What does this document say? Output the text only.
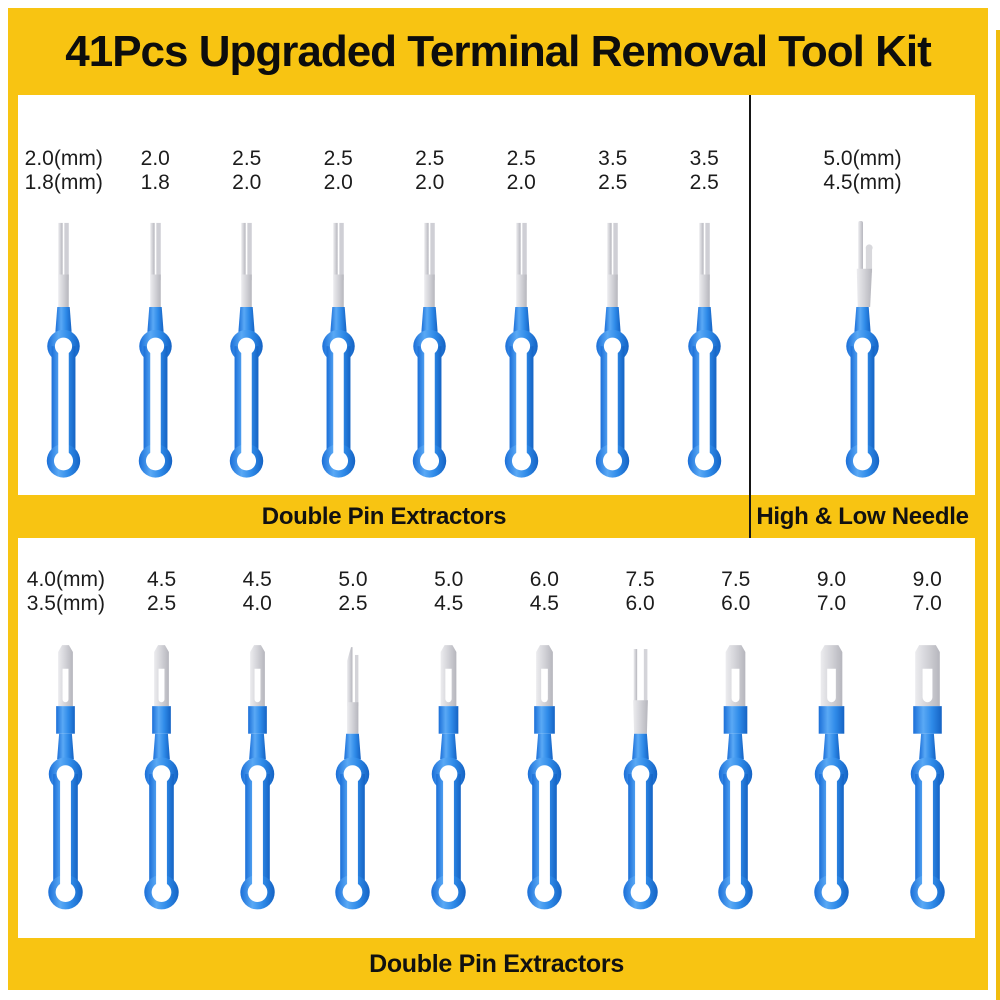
41Pcs Upgraded Terminal Removal Tool Kit
2.0(mm)
1.8(mm)
2.0
1.8
2.5
2.0
2.5
2.0
2.5
2.0
2.5
2.0
3.5
2.5
3.5
2.5
5.0(mm)
4.5(mm)
Double Pin Extractors	High & Low Needle
4.0(mm)
3.5(mm)
4.5
2.5
4.5
4.0
5.0
2.5
5.0
4.5
6.0
4.5
7.5
6.0
7.5
6.0
9.0
7.0
9.0
7.0
Double Pin Extractors
